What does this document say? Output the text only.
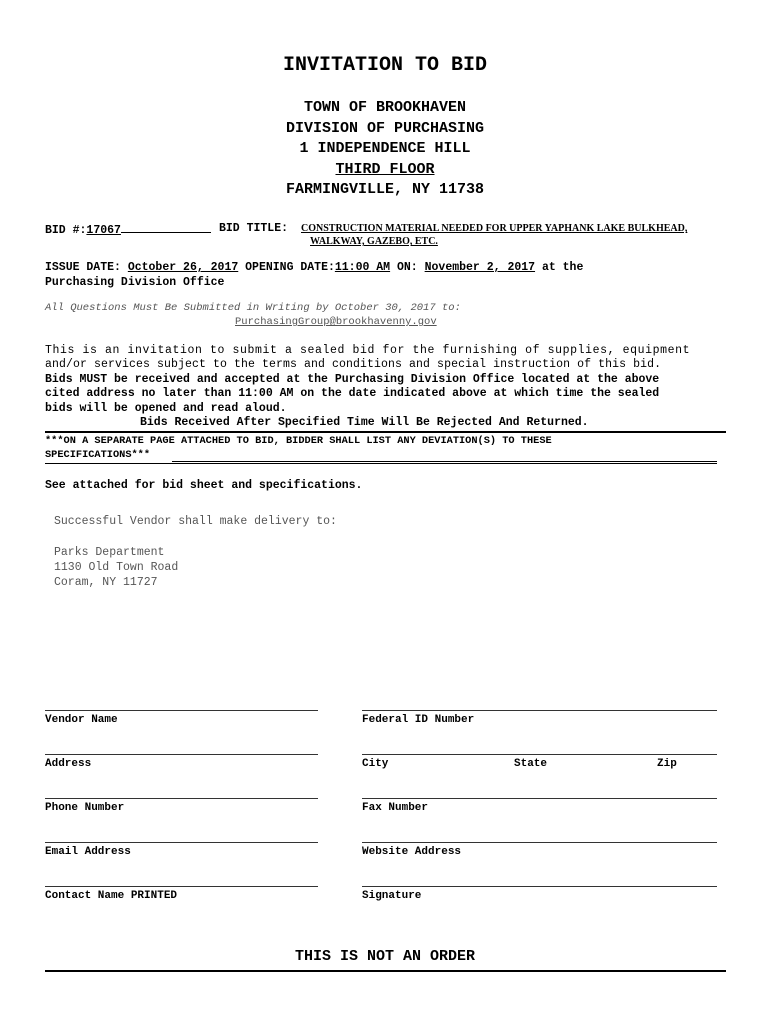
INVITATION TO BID
TOWN OF BROOKHAVEN
DIVISION OF PURCHASING
1 INDEPENDENCE HILL
THIRD FLOOR
FARMINGVILLE, NY 11738
BID #:17067	BID TITLE: CONSTRUCTION MATERIAL NEEDED FOR UPPER YAPHANK LAKE BULKHEAD,
WALKWAY, GAZEBO, ETC.
ISSUE DATE: October 26, 2017 OPENING DATE:11:00 AM ON: November 2, 2017 at the
Purchasing Division Office
All Questions Must Be Submitted in Writing by October 30, 2017 to:
PurchasingGroup@brookhavenny.gov
This is an invitation to submit a sealed bid for the furnishing of supplies, equipment
and/or services subject to the terms and conditions and special instruction of this bid.
Bids MUST be received and accepted at the Purchasing Division Office located at the above
cited address no later than 11:00 AM on the date indicated above at which time the sealed
bids will be opened and read aloud.
Bids Received After Specified Time Will Be Rejected And Returned.
***ON A SEPARATE PAGE ATTACHED TO BID, BIDDER SHALL LIST ANY DEVIATION(S) TO THESE
SPECIFICATIONS***
See attached for bid sheet and specifications.
Successful Vendor shall make delivery to:
Parks Department
1130 Old Town Road
Coram, NY 11727
Vendor Name	Federal ID Number
Address	City	State	Zip
Phone Number	Fax Number
Email Address	Website Address
Contact Name PRINTED	Signature
THIS IS NOT AN ORDER
